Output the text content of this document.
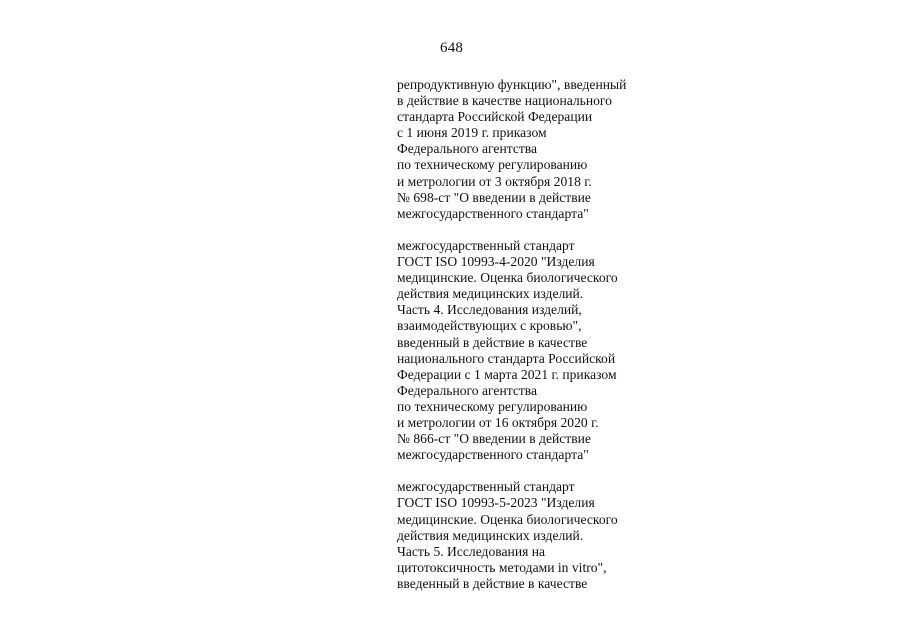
648
репродуктивную функцию", введенный
в действие в качестве национального
стандарта Российской Федерации
с 1 июня 2019 г. приказом
Федерального агентства
по техническому регулированию
и метрологии от 3 октября 2018 г.
№ 698-ст "О введении в действие
межгосударственного стандарта"
межгосударственный стандарт
ГОСТ ISO 10993-4-2020 "Изделия
медицинские. Оценка биологического
действия медицинских изделий.
Часть 4. Исследования изделий,
взаимодействующих с кровью",
введенный в действие в качестве
национального стандарта Российской
Федерации с 1 марта 2021 г. приказом
Федерального агентства
по техническому регулированию
и метрологии от 16 октября 2020 г.
№ 866-ст "О введении в действие
межгосударственного стандарта"
межгосударственный стандарт
ГОСТ ISO 10993-5-2023 "Изделия
медицинские. Оценка биологического
действия медицинских изделий.
Часть 5. Исследования на
цитотоксичность методами in vitro",
введенный в действие в качестве
